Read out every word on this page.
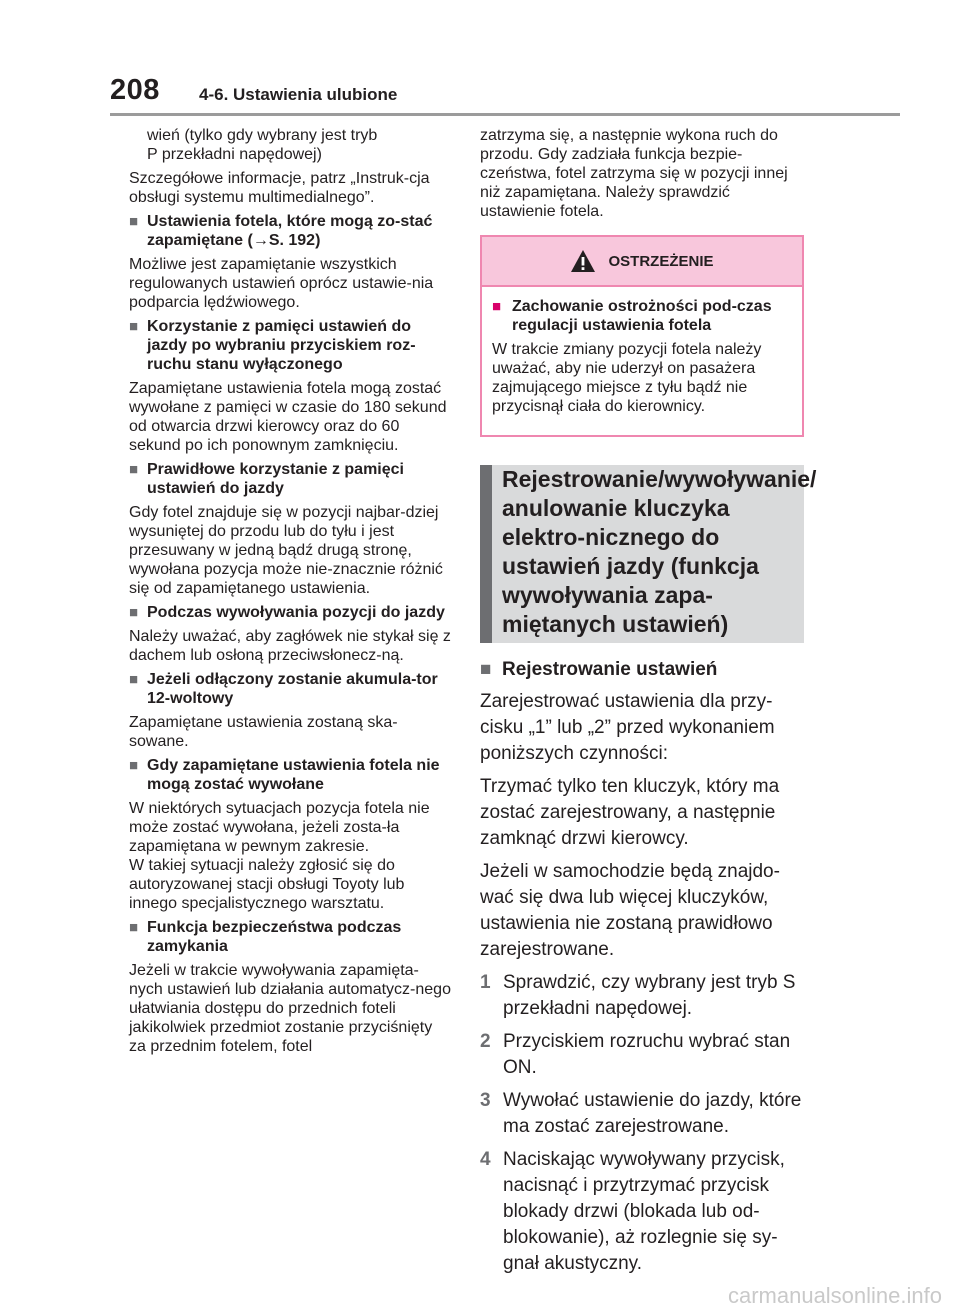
208 4-6. Ustawienia ulubione

wień (tylko gdy wybrany jest tryb
P przekładni napędowej)

Szczegółowe informacje, patrz „Instruk-cja obsługi systemu multimedialnego”.

■ Ustawienia fotela, które mogą zo-stać zapamiętane (→S. 192)

Możliwe jest zapamiętanie wszystkich regulowanych ustawień oprócz ustawie-nia podparcia lędźwiowego.

■ Korzystanie z pamięci ustawień do jazdy po wybraniu przyciskiem roz-ruchu stanu wyłączonego

Zapamiętane ustawienia fotela mogą zostać wywołane z pamięci w czasie do 180 sekund od otwarcia drzwi kierowcy oraz do 60 sekund po ich ponownym zamknięciu.

■ Prawidłowe korzystanie z pamięci ustawień do jazdy

Gdy fotel znajduje się w pozycji najbar-dziej wysuniętej do przodu lub do tyłu i jest przesuwany w jedną bądź drugą stronę, wywołana pozycja może nie-znacznie różnić się od zapamiętanego ustawienia.

■ Podczas wywoływania pozycji do jazdy

Należy uważać, aby zagłówek nie stykał się z dachem lub osłoną przeciwsłonecz-ną.

■ Jeżeli odłączony zostanie akumula-tor 12-woltowy

Zapamiętane ustawienia zostaną ska-sowane.

■ Gdy zapamiętane ustawienia fotela nie mogą zostać wywołane

W niektórych sytuacjach pozycja fotela nie może zostać wywołana, jeżeli zosta-ła zapamiętana w pewnym zakresie.
W takiej sytuacji należy zgłosić się do autoryzowanej stacji obsługi Toyoty lub innego specjalistycznego warsztatu.

■ Funkcja bezpieczeństwa podczas zamykania

Jeżeli w trakcie wywoływania zapamięta-nych ustawień lub działania automatycz-nego ułatwiania dostępu do przednich foteli jakikolwiek przedmiot zostanie przyciśnięty za przednim fotelem, fotel

zatrzyma się, a następnie wykona ruch do przodu. Gdy zadziała funkcja bezpie-czeństwa, fotel zatrzyma się w pozycji innej niż zapamiętana. Należy sprawdzić ustawienie fotela.

OSTRZEŻENIE
■ Zachowanie ostrożności pod-czas regulacji ustawienia fotela

W trakcie zmiany pozycji fotela należy uważać, aby nie uderzył on pasażera zajmującego miejsce z tyłu bądź nie przycisnął ciała do kierownicy.

Rejestrowanie/wywoływanie/ anulowanie kluczyka elektro-nicznego do ustawień jazdy (funkcja wywoływania zapa-miętanych ustawień)
■ Rejestrowanie ustawień

Zarejestrować ustawienia dla przy-cisku „1” lub „2” przed wykonaniem poniższych czynności:

Trzymać tylko ten kluczyk, który ma zostać zarejestrowany, a następnie zamknąć drzwi kierowcy.

Jeżeli w samochodzie będą znajdo-wać się dwa lub więcej kluczyków, ustawienia nie zostaną prawidłowo zarejestrowane.

1 Sprawdzić, czy wybrany jest tryb S przekładni napędowej.
2 Przyciskiem rozruchu wybrać stan ON.
3 Wywołać ustawienie do jazdy, które ma zostać zarejestrowane.
4 Naciskając wywoływany przycisk, nacisnąć i przytrzymać przycisk blokady drzwi (blokada lub od-blokowanie), aż rozlegnie się sy-gnał akustyczny.
carmanualsonline.info
